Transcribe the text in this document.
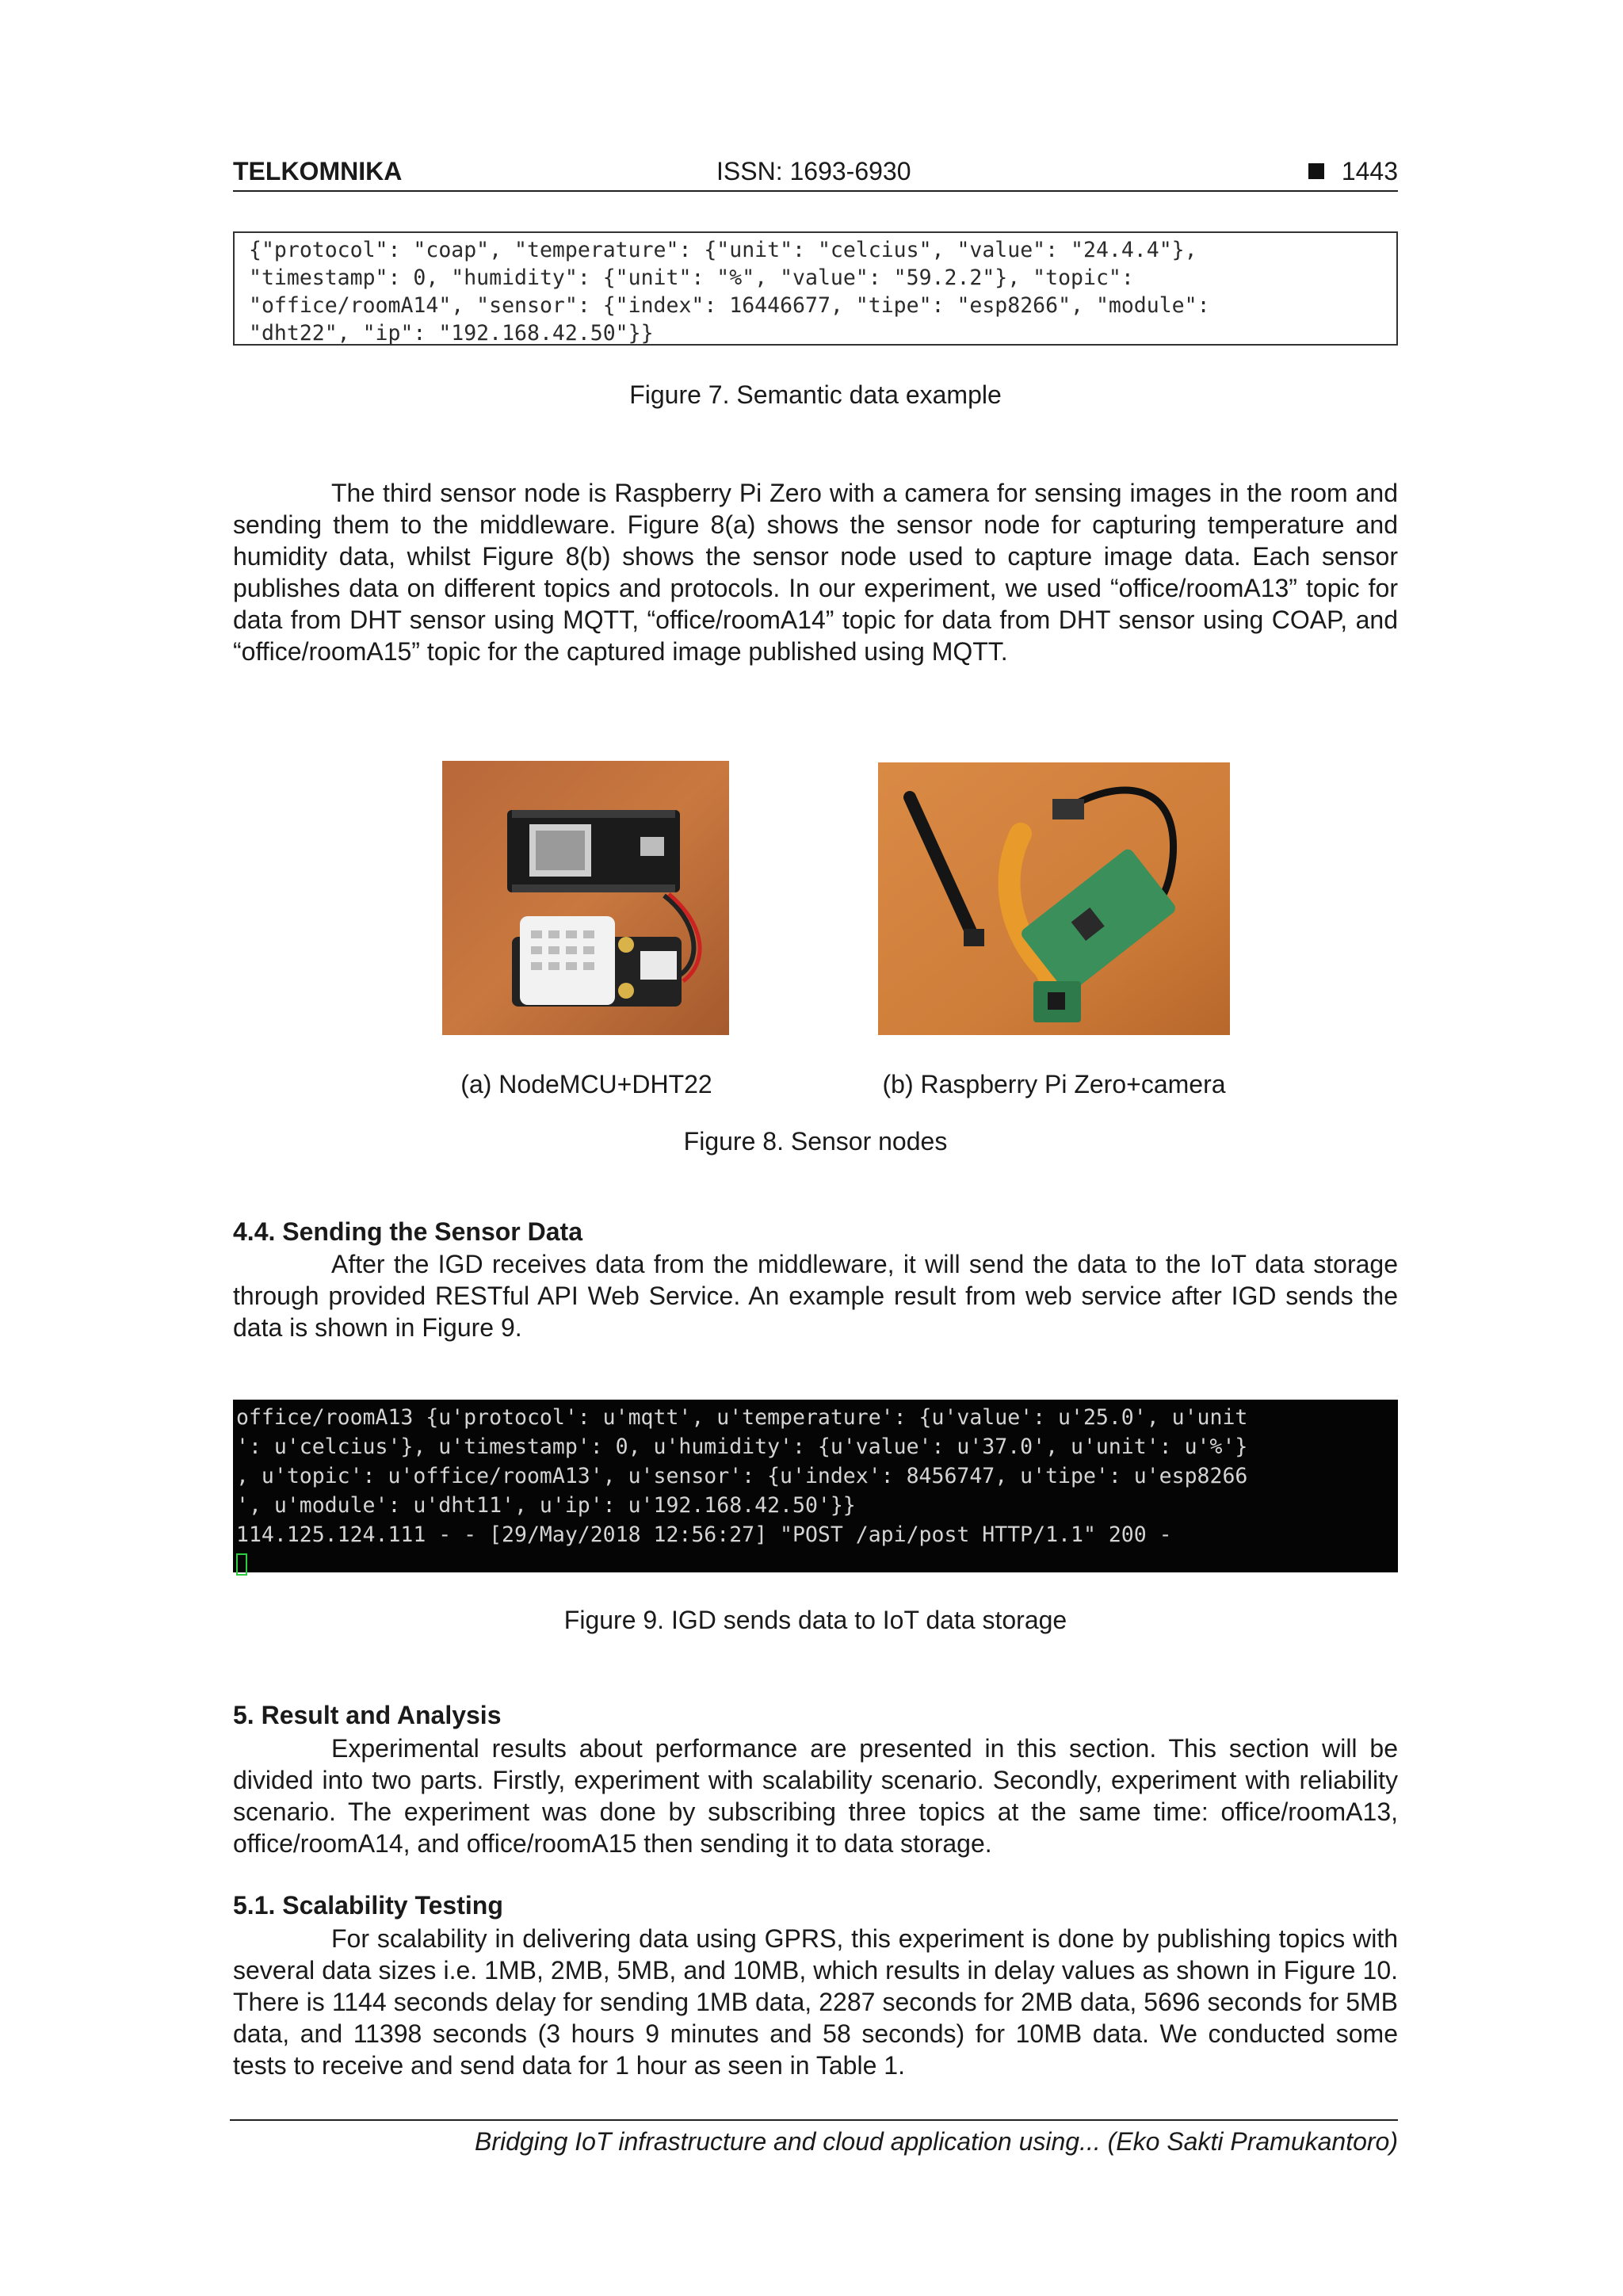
TELKOMNIKA	ISSN: 1693-6930	1443
{"protocol": "coap", "temperature": {"unit": "celcius", "value": "24.4.4"},
"timestamp": 0, "humidity": {"unit": "%", "value": "59.2.2"}, "topic":
"office/roomA14", "sensor": {"index": 16446677, "tipe": "esp8266", "module":
"dht22", "ip": "192.168.42.50"}}
Figure 7. Semantic data example

The third sensor node is Raspberry Pi Zero with a camera for sensing images in the room and sending them to the middleware. Figure 8(a) shows the sensor node for capturing temperature and humidity data, whilst Figure 8(b) shows the sensor node used to capture image data. Each sensor publishes data on different topics and protocols. In our experiment, we used “office/roomA13” topic for data from DHT sensor using MQTT, “office/roomA14” topic for data from DHT sensor using COAP, and “office/roomA15” topic for the captured image published using MQTT.

(a) NodeMCU+DHT22	(b) Raspberry Pi Zero+camera
Figure 8. Sensor nodes
4.4. Sending the Sensor Data

After the IGD receives data from the middleware, it will send the data to the IoT data storage through provided RESTful API Web Service. An example result from web service after IGD sends the data is shown in Figure 9.

office/roomA13 {u'protocol': u'mqtt', u'temperature': {u'value': u'25.0', u'unit
': u'celcius'}, u'timestamp': 0, u'humidity': {u'value': u'37.0', u'unit': u'%'}
, u'topic': u'office/roomA13', u'sensor': {u'index': 8456747, u'tipe': u'esp8266
', u'module': u'dht11', u'ip': u'192.168.42.50'}}
114.125.124.111 - - [29/May/2018 12:56:27] "POST /api/post HTTP/1.1" 200 -
Figure 9. IGD sends data to IoT data storage
5. Result and Analysis

Experimental results about performance are presented in this section. This section will be divided into two parts. Firstly, experiment with scalability scenario. Secondly, experiment with reliability scenario. The experiment was done by subscribing three topics at the same time: office/roomA13, office/roomA14, and office/roomA15 then sending it to data storage.

5.1. Scalability Testing

For scalability in delivering data using GPRS, this experiment is done by publishing topics with several data sizes i.e. 1MB, 2MB, 5MB, and 10MB, which results in delay values as shown in Figure 10. There is 1144 seconds delay for sending 1MB data, 2287 seconds for 2MB data, 5696 seconds for 5MB data, and 11398 seconds (3 hours 9 minutes and 58 seconds) for 10MB data. We conducted some tests to receive and send data for 1 hour as seen in Table 1.

Bridging IoT infrastructure and cloud application using... (Eko Sakti Pramukantoro)
